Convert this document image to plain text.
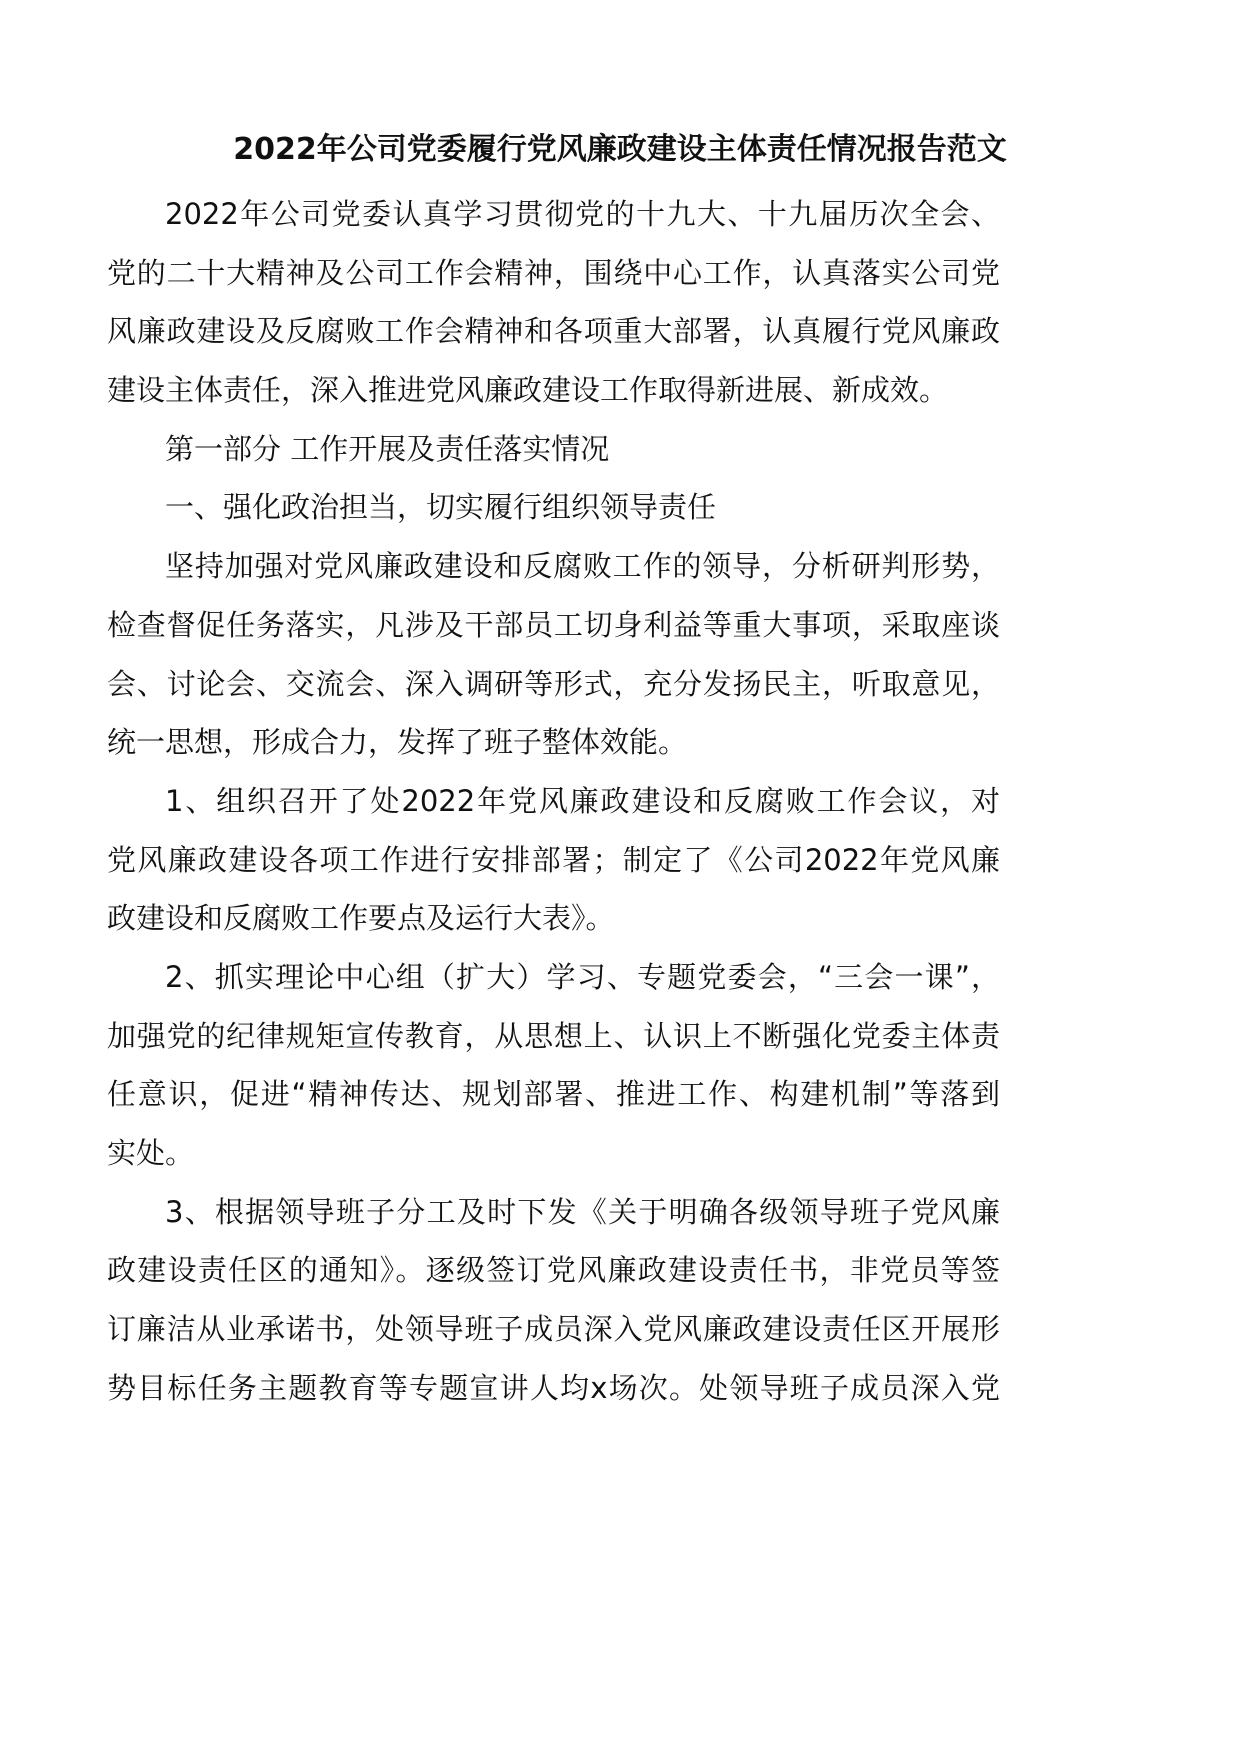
2022年公司党委履行党风廉政建设主体责任情况报告范文
2022年公司党委认真学习贯彻党的十九大、十九届历次全会、
党的二十大精神及公司工作会精神，围绕中心工作，认真落实公司党
风廉政建设及反腐败工作会精神和各项重大部署，认真履行党风廉政
建设主体责任，深入推进党风廉政建设工作取得新进展、新成效。
第一部分 工作开展及责任落实情况
一、强化政治担当，切实履行组织领导责任
坚持加强对党风廉政建设和反腐败工作的领导，分析研判形势，
检查督促任务落实，凡涉及干部员工切身利益等重大事项，采取座谈
会、讨论会、交流会、深入调研等形式，充分发扬民主，听取意见，
统一思想，形成合力，发挥了班子整体效能。
1、组织召开了处2022年党风廉政建设和反腐败工作会议，对
党风廉政建设各项工作进行安排部署；制定了《公司2022年党风廉
政建设和反腐败工作要点及运行大表》。
2、抓实理论中心组（扩大）学习、专题党委会，“三会一课”，
加强党的纪律规矩宣传教育，从思想上、认识上不断强化党委主体责
任意识，促进“精神传达、规划部署、推进工作、构建机制”等落到
实处。
3、根据领导班子分工及时下发《关于明确各级领导班子党风廉
政建设责任区的通知》。逐级签订党风廉政建设责任书，非党员等签
订廉洁从业承诺书，处领导班子成员深入党风廉政建设责任区开展形
势目标任务主题教育等专题宣讲人均x场次。处领导班子成员深入党
